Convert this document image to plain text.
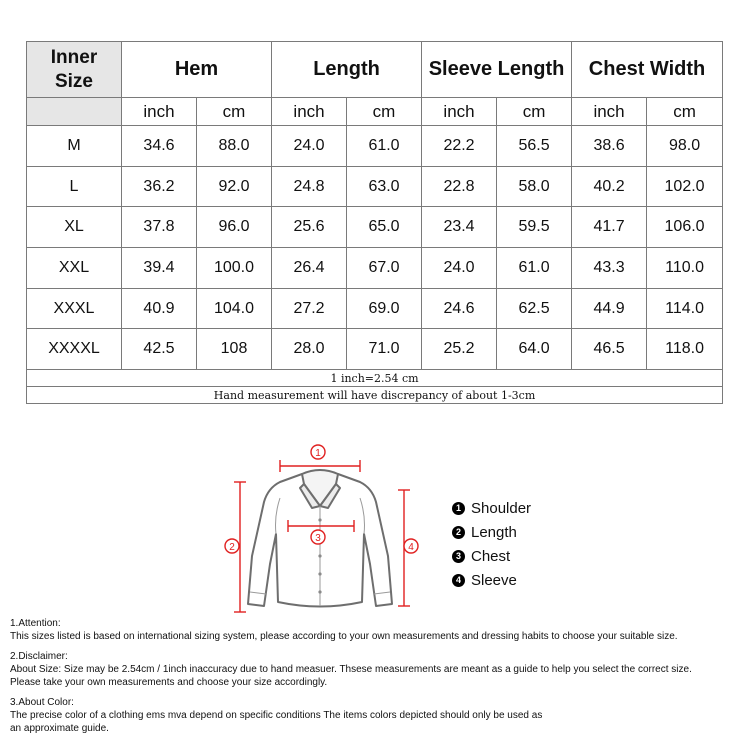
Inner
Size	Hem		Length		Sleeve Length		Chest Width	
	inch	cm	inch	cm	inch	cm	inch	cm
M	34.6	88.0	24.0	61.0	22.2	56.5	38.6	98.0
L	36.2	92.0	24.8	63.0	22.8	58.0	40.2	102.0
XL	37.8	96.0	25.6	65.0	23.4	59.5	41.7	106.0
XXL	39.4	100.0	26.4	67.0	24.0	61.0	43.3	110.0
XXXL	40.9	104.0	27.2	69.0	24.6	62.5	44.9	114.0
XXXXL	42.5	108	28.0	71.0	25.2	64.0	46.5	118.0
1 inch=2.54 cm								
Hand measurement will have discrepancy of about 1-3cm								
1
2
3
4
1 Shoulder
2 Length
3 Chest
4 Sleeve
1.Attention:
This sizes listed is based on international sizing system, please according to your own measurements and dressing habits to choose your suitable size.
2.Disclaimer:
About Size: Size may be 2.54cm / 1inch inaccuracy due to hand measuer. Thsese measurements are meant as a guide to help you select the correct size.
Please take your own measurements and choose your size accordingly.
3.About Color:
The precise color of a clothing ems mva depend on specific conditions The items colors depicted should only be used as
an approximate guide.
